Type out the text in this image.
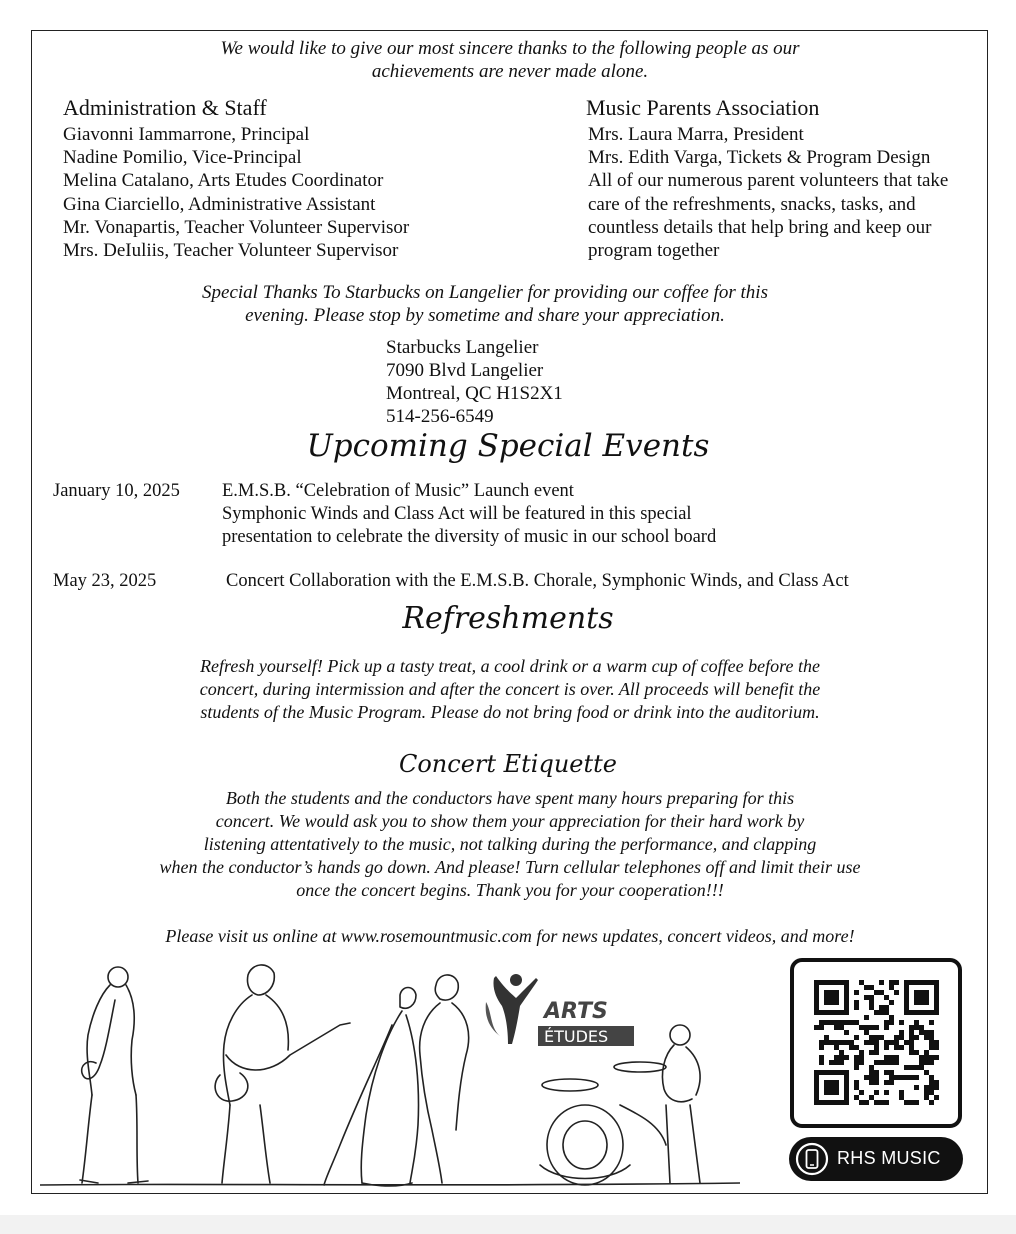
We would like to give our most sincere thanks to the following people as our
achievements are never made alone.
Administration & Staff
Giavonni Iammarrone, Principal
Nadine Pomilio, Vice-Principal
Melina Catalano, Arts Etudes Coordinator
Gina Ciarciello, Administrative Assistant
Mr. Vonapartis, Teacher Volunteer Supervisor
Mrs. DeIuliis, Teacher Volunteer Supervisor
Music Parents Association
Mrs. Laura Marra, President
Mrs. Edith Varga, Tickets & Program Design
All of our numerous parent volunteers that take
care of the refreshments, snacks, tasks, and
countless details that help bring and keep our
program together
Special Thanks To Starbucks on Langelier for providing our coffee for this
evening. Please stop by sometime and share your appreciation.
Starbucks Langelier
7090 Blvd Langelier
Montreal, QC H1S2X1
514-256-6549
Upcoming Special Events
January 10, 2025 E.M.S.B. “Celebration of Music” Launch event
Symphonic Winds and Class Act will be featured in this special
presentation to celebrate the diversity of music in our school board
May 23, 2025	Concert Collaboration with the E.M.S.B. Chorale, Symphonic Winds, and Class Act
Refreshments
Refresh yourself! Pick up a tasty treat, a cool drink or a warm cup of coffee before the
concert, during intermission and after the concert is over. All proceeds will benefit the
students of the Music Program. Please do not bring food or drink into the auditorium.
Concert Etiquette
Both the students and the conductors have spent many hours preparing for this
concert. We would ask you to show them your appreciation for their hard work by
listening attentatively to the music, not talking during the performance, and clapping
when the conductor’s hands go down. And please! Turn cellular telephones off and limit their use
once the concert begins. Thank you for your cooperation!!!
Please visit us online at www.rosemountmusic.com for news updates, concert videos, and more!
ARTS
ÉTUDES
RHS MUSIC
